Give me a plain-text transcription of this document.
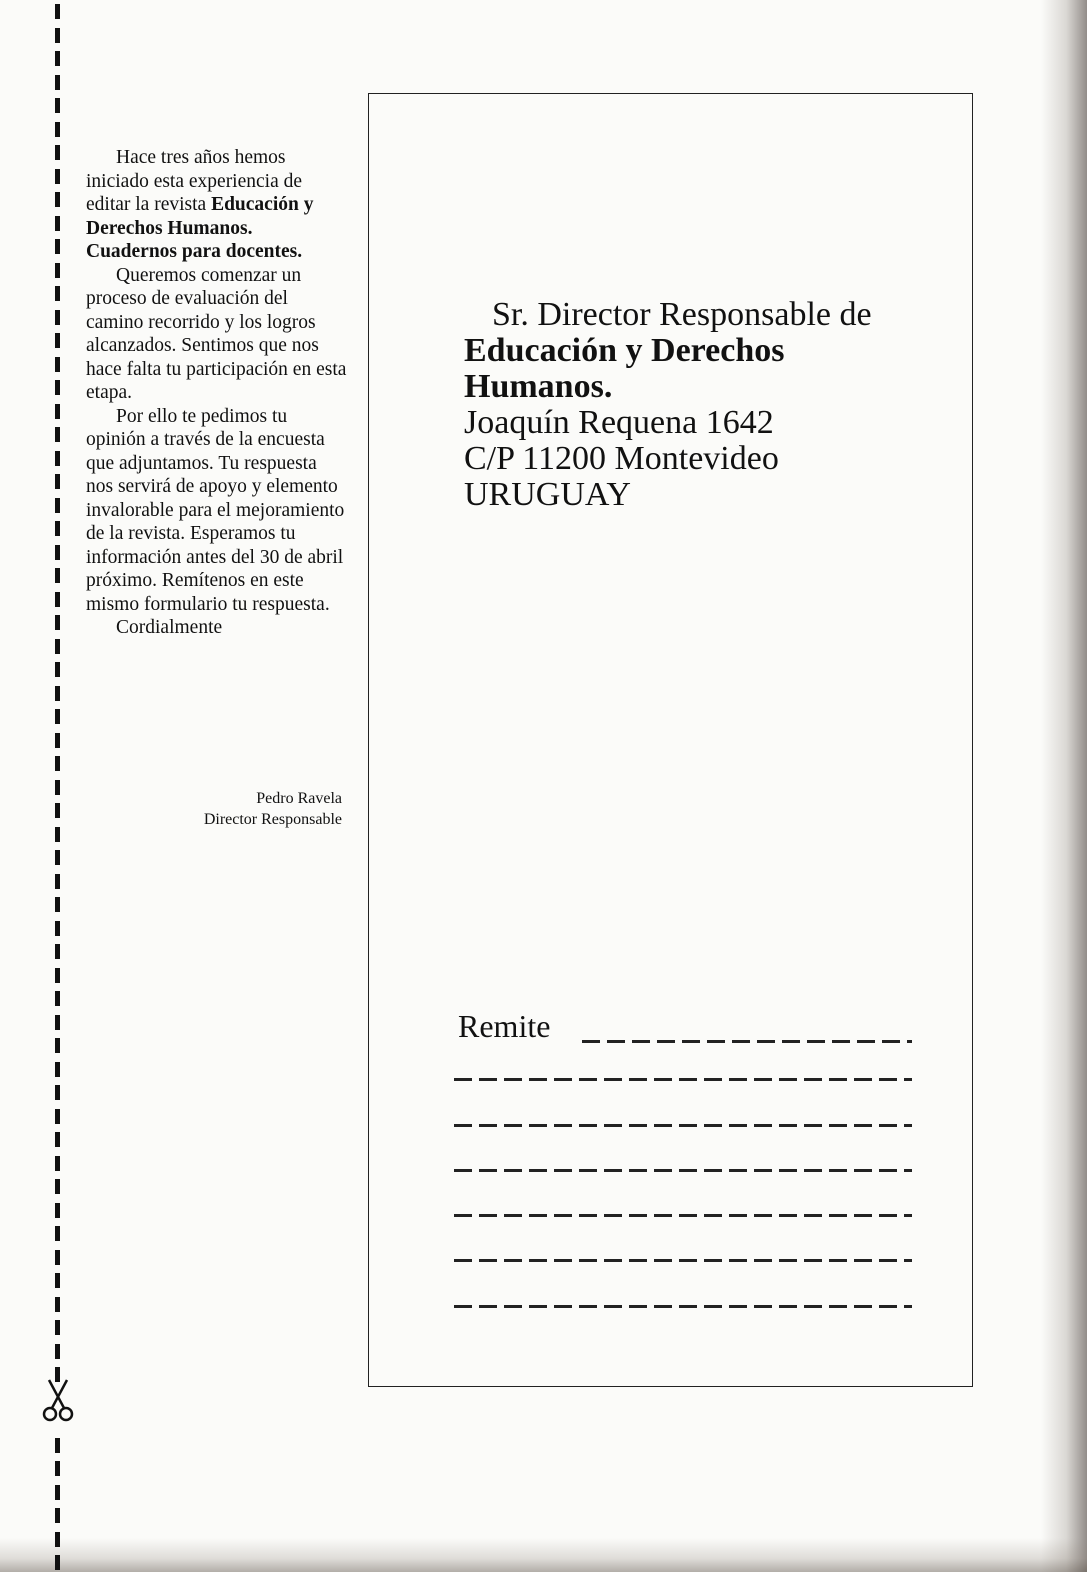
Hace tres años hemos iniciado esta experiencia de editar la revista Educación y Derechos Humanos. Cuadernos para docentes.

Queremos comenzar un proceso de evaluación del camino recorrido y los logros alcanzados. Sentimos que nos hace falta tu participación en esta etapa.

Por ello te pedimos tu opinión a través de la encuesta que adjuntamos. Tu respuesta nos servirá de apoyo y elemento invalorable para el mejoramiento de la revista. Esperamos tu información antes del 30 de abril próximo. Remítenos en este mismo formulario tu respuesta.

Cordialmente

Pedro Ravela
Director Responsable
Sr. Director Responsable de
Educación y Derechos
Humanos.
Joaquín Requena 1642
C/P 11200 Montevideo
URUGUAY
Remite
